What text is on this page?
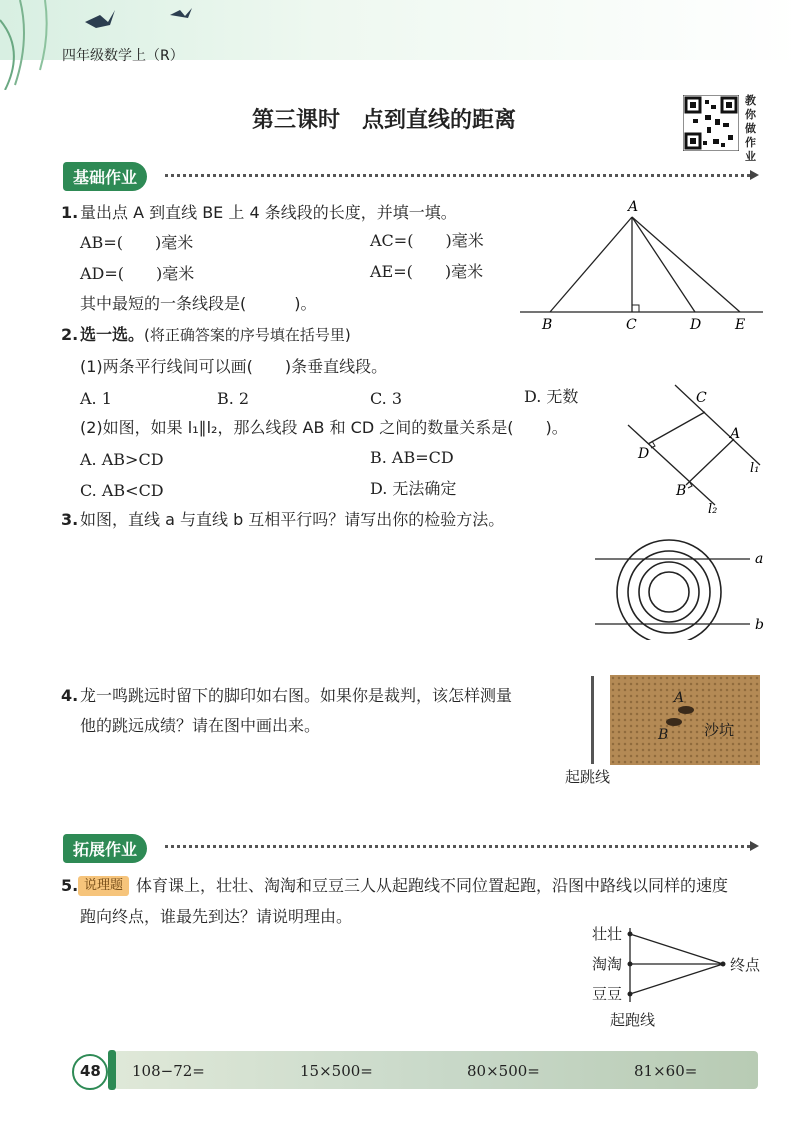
四年级数学上（R）
第三课时　点到直线的距离
教你做作业
基础作业
1. 量出点 A 到直线 BE 上 4 条线段的长度，并填一填。
AB=(　　)毫米	AC=(　　)毫米
AD=(　　)毫米	AE=(　　)毫米
其中最短的一条线段是(　　　)。
A
B	C	D E
2. 选一选。 (将正确答案的序号填在括号里)
(1)两条平行线间可以画(　　)条垂直线段。
A. 1	B. 2	C. 3	D. 无数
(2)如图，如果 l₁∥l₂，那么线段 AB 和 CD 之间的数量关系是(　　)。
A. AB>CD	B. AB=CD
C. AB<CD	D. 无法确定
C
A
D
B
l₁
l₂
3. 如图，直线 a 与直线 b 互相平行吗？请写出你的检验方法。
a
b
4. 龙一鸣跳远时留下的脚印如右图。如果你是裁判，该怎样测量
他的跳远成绩？请在图中画出来。
A
B 沙坑
起跳线
拓展作业
5. 说理题 体育课上，壮壮、淘淘和豆豆三人从起跑线不同位置起跑，沿图中路线以同样的速度
跑向终点，谁最先到达？请说明理由。
壮壮
淘淘
豆豆
终点
起跑线
48 108−72=	15×500=	80×500=	81×60=
